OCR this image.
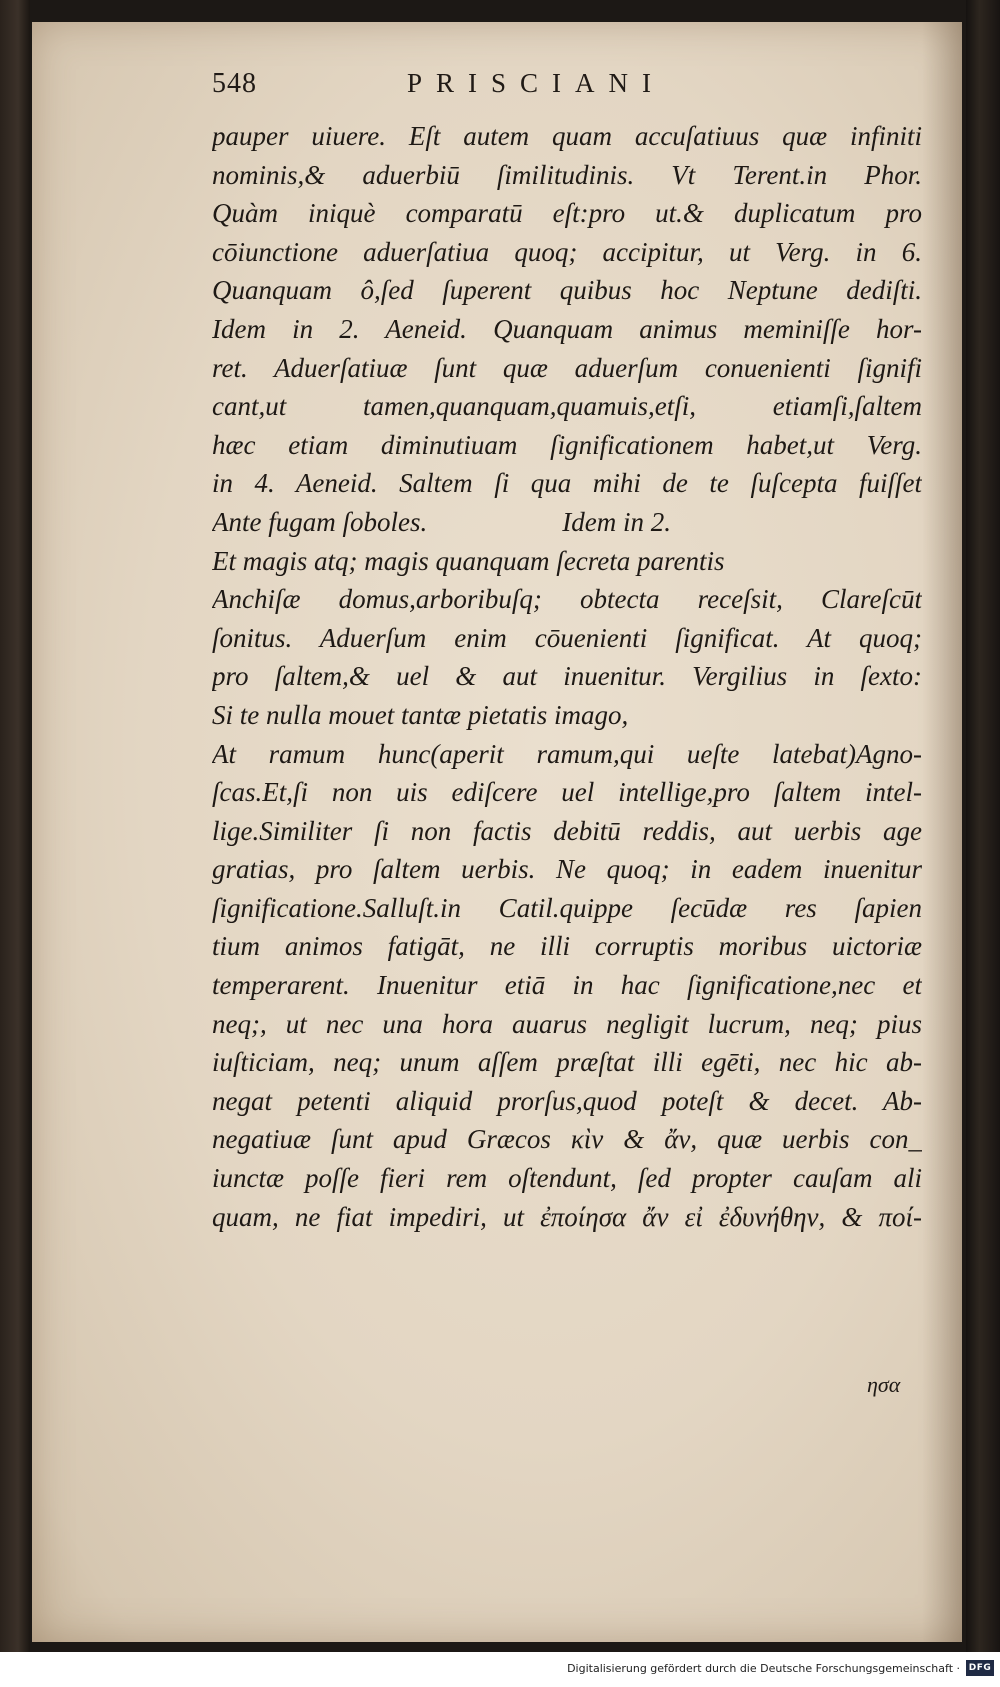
548	PRISCIANI
pauper uiuere. Eſt autem quam accuſatiuus quæ infiniti
nominis,& aduerbiū ſimilitudinis. Vt Terent.in Phor.
Quàm iniquè comparatū eſt:pro ut.& duplicatum pro
cōiunctione aduerſatiua quoq; accipitur, ut Verg. in 6.
Quanquam ô,ſed ſuperent quibus hoc Neptune dediſti.
Idem in 2. Aeneid. Quanquam animus meminiſſe hor-
ret. Aduerſatiuæ ſunt quæ aduerſum conuenienti ſignifi
cant,ut tamen,quanquam,quamuis,etſi, etiamſi,ſaltem
hæc etiam diminutiuam ſignificationem habet,ut Verg.
in 4. Aeneid. Saltem ſi qua mihi de te ſuſcepta fuiſſet
Ante fugam ſoboles.                    Idem in 2.
Et magis atq; magis quanquam ſecreta parentis
Anchiſæ domus,arboribuſq; obtecta receſsit, Clareſcūt
ſonitus. Aduerſum enim cōuenienti ſignificat. At quoq;
pro ſaltem,& uel & aut inuenitur. Vergilius in ſexto:
Si te nulla mouet tantæ pietatis imago,
At ramum hunc(aperit ramum,qui ueſte latebat)Agno-
ſcas.Et,ſi non uis ediſcere uel intellige,pro ſaltem intel-
lige.Similiter ſi non factis debitū reddis, aut uerbis age
gratias, pro ſaltem uerbis. Ne quoq; in eadem inuenitur
ſignificatione.Salluſt.in Catil.quippe ſecūdæ res ſapien
tium animos fatigāt, ne illi corruptis moribus uictoriæ
temperarent. Inuenitur etiā in hac ſignificatione,nec et
neq;, ut nec una hora auarus negligit lucrum, neq; pius
iuſticiam, neq; unum aſſem præſtat illi egēti, nec hic ab-
negat petenti aliquid prorſus,quod poteſt & decet. Ab-
negatiuæ ſunt apud Græcos κὶν & ἄν, quæ uerbis con_
iunctæ poſſe fieri rem oſtendunt, ſed propter cauſam ali
quam, ne fiat impediri, ut ἐποίησα ἄν εἰ ἐδυνήθην, & ποί-
ησα
Digitalisierung gefördert durch die Deutsche Forschungsgemeinschaft · DFG
